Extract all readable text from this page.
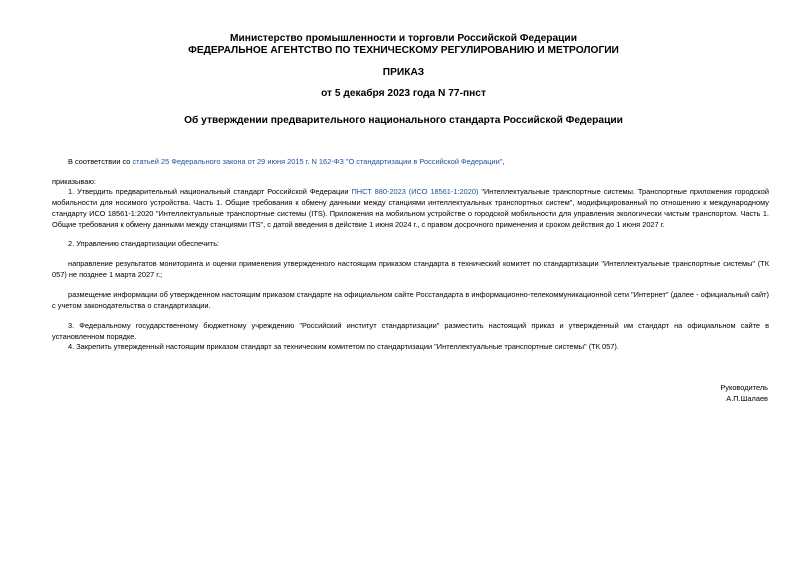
Министерство промышленности и торговли Российской Федерации
ФЕДЕРАЛЬНОЕ АГЕНТСТВО ПО ТЕХНИЧЕСКОМУ РЕГУЛИРОВАНИЮ И МЕТРОЛОГИИ
ПРИКАЗ
от 5 декабря 2023 года N 77-пнст
Об утверждении предварительного национального стандарта Российской Федерации
В соответствии со статьей 25 Федерального закона от 29 июня 2015 г. N 162-ФЗ "О стандартизации в Российской Федерации",
приказываю:
1. Утвердить предварительный национальный стандарт Российской Федерации ПНСТ 880-2023 (ИСО 18561-1:2020) "Интеллектуальные транспортные системы. Транспортные приложения городской мобильности для носимого устройства. Часть 1. Общие требования к обмену данными между станциями интеллектуальных транспортных систем", модифицированный по отношению к международному стандарту ИСО 18561-1:2020 "Интеллектуальные транспортные системы (ITS). Приложения на мобильном устройстве о городской мобильности для управления экологически чистым транспортом. Часть 1. Общие требования к обмену данными между станциями ITS", с датой введения в действие 1 июня 2024 г., с правом досрочного применения и сроком действия до 1 июня 2027 г.
2. Управлению стандартизации обеспечить:
направление результатов мониторинга и оценки применения утвержденного настоящим приказом стандарта в технический комитет по стандартизации "Интеллектуальные транспортные системы" (ТК 057) не позднее 1 марта 2027 г.;
размещение информации об утвержденном настоящим приказом стандарте на официальном сайте Росстандарта в информационно-телекоммуникационной сети "Интернет" (далее - официальный сайт) с учетом законодательства о стандартизации.
3. Федеральному государственному бюджетному учреждению "Российский институт стандартизации" разместить настоящий приказ и утвержденный им стандарт на официальном сайте в установленном порядке.
4. Закрепить утвержденный настоящим приказом стандарт за техническим комитетом по стандартизации "Интеллектуальные транспортные системы" (ТК 057).
Руководитель
А.П.Шалаев
